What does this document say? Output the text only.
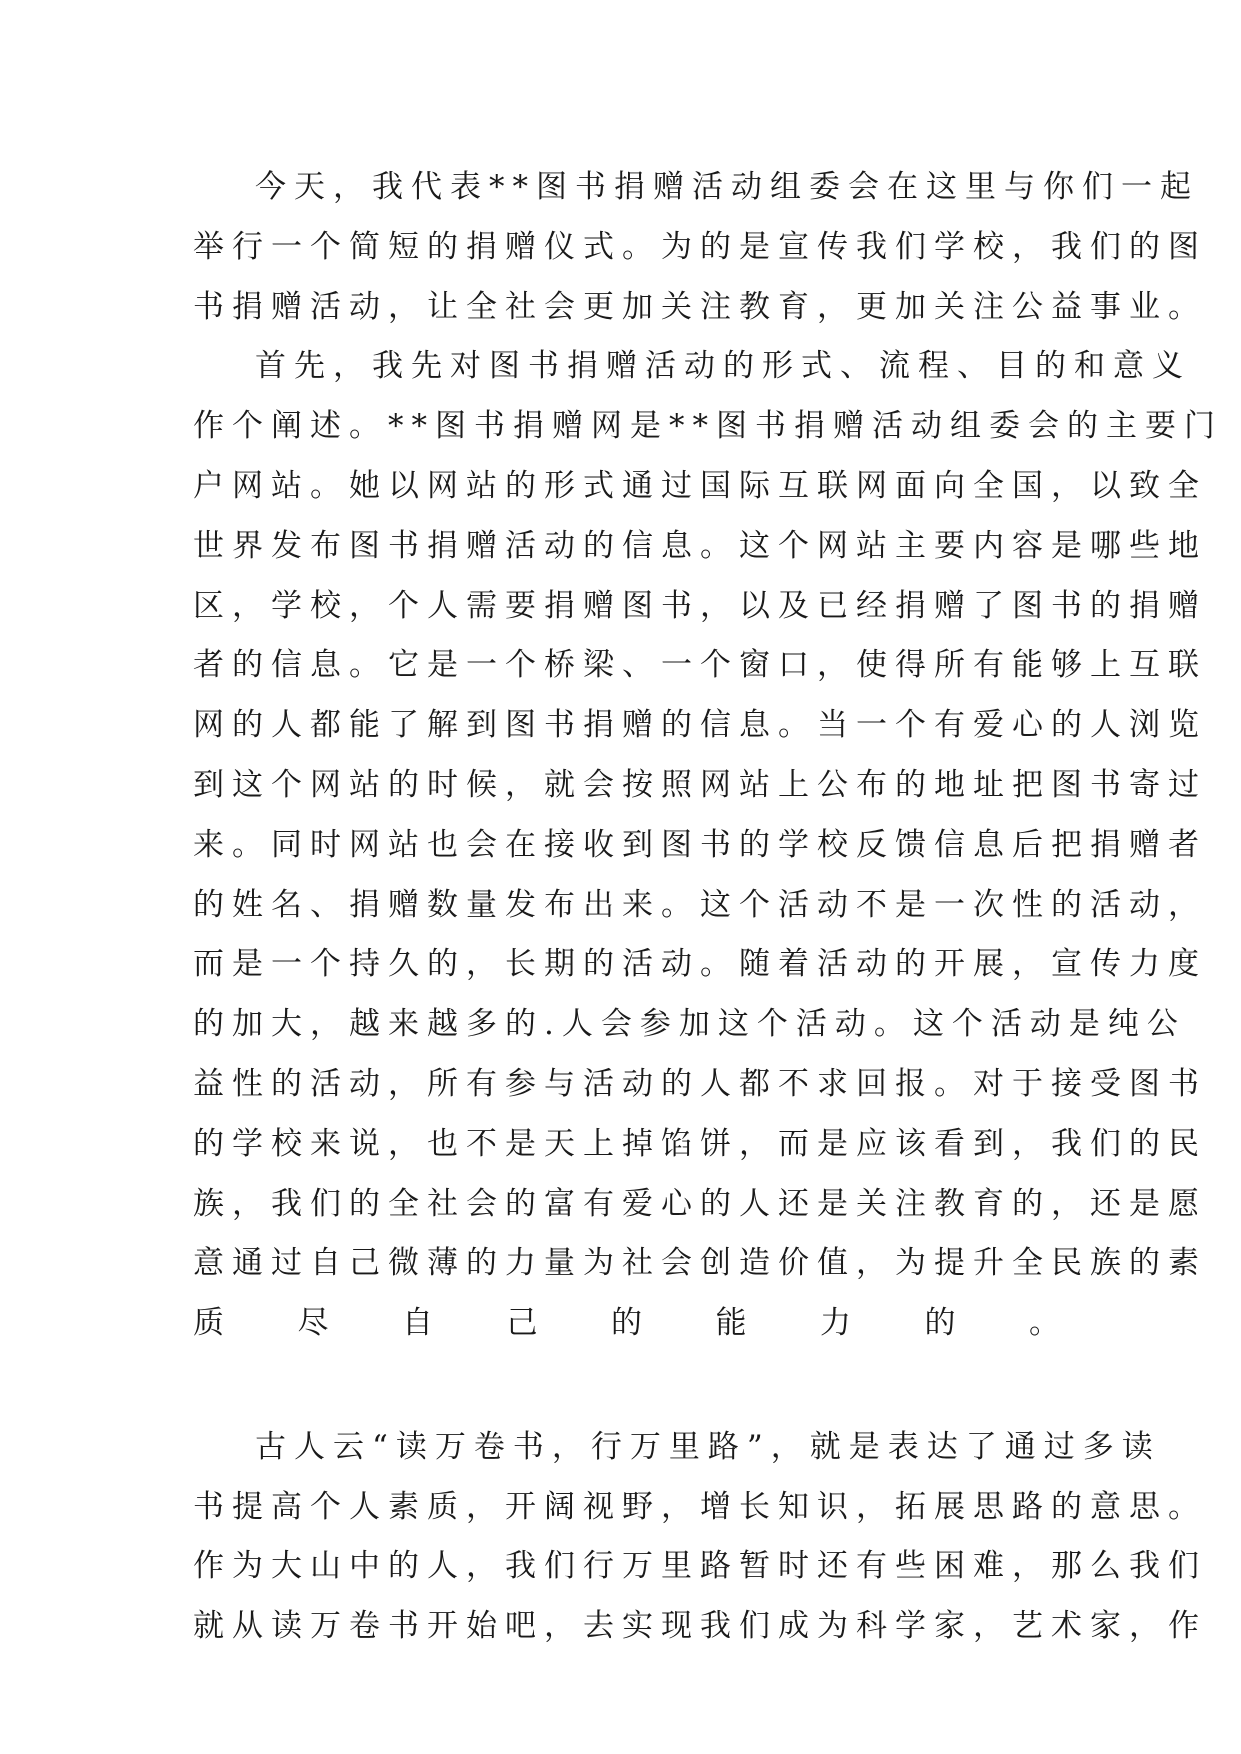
今天，我代表**图书捐赠活动组委会在这里与你们一起
举行一个简短的捐赠仪式。为的是宣传我们学校，我们的图
书捐赠活动，让全社会更加关注教育，更加关注公益事业。
首先，我先对图书捐赠活动的形式、流程、目的和意义
作个阐述。**图书捐赠网是**图书捐赠活动组委会的主要门
户网站。她以网站的形式通过国际互联网面向全国，以致全
世界发布图书捐赠活动的信息。这个网站主要内容是哪些地
区，学校，个人需要捐赠图书，以及已经捐赠了图书的捐赠
者的信息。它是一个桥梁、一个窗口，使得所有能够上互联
网的人都能了解到图书捐赠的信息。当一个有爱心的人浏览
到这个网站的时候，就会按照网站上公布的地址把图书寄过
来。同时网站也会在接收到图书的学校反馈信息后把捐赠者
的姓名、捐赠数量发布出来。这个活动不是一次性的活动，
而是一个持久的，长期的活动。随着活动的开展，宣传力度
的加大，越来越多的.人会参加这个活动。这个活动是纯公
益性的活动，所有参与活动的人都不求回报。对于接受图书
的学校来说，也不是天上掉馅饼，而是应该看到，我们的民
族，我们的全社会的富有爱心的人还是关注教育的，还是愿
意通过自己微薄的力量为社会创造价值，为提升全民族的素
质尽自己的能力的。
古人云“读万卷书，行万里路”，就是表达了通过多读
书提高个人素质，开阔视野，增长知识，拓展思路的意思。
作为大山中的人，我们行万里路暂时还有些困难，那么我们
就从读万卷书开始吧，去实现我们成为科学家，艺术家，作
